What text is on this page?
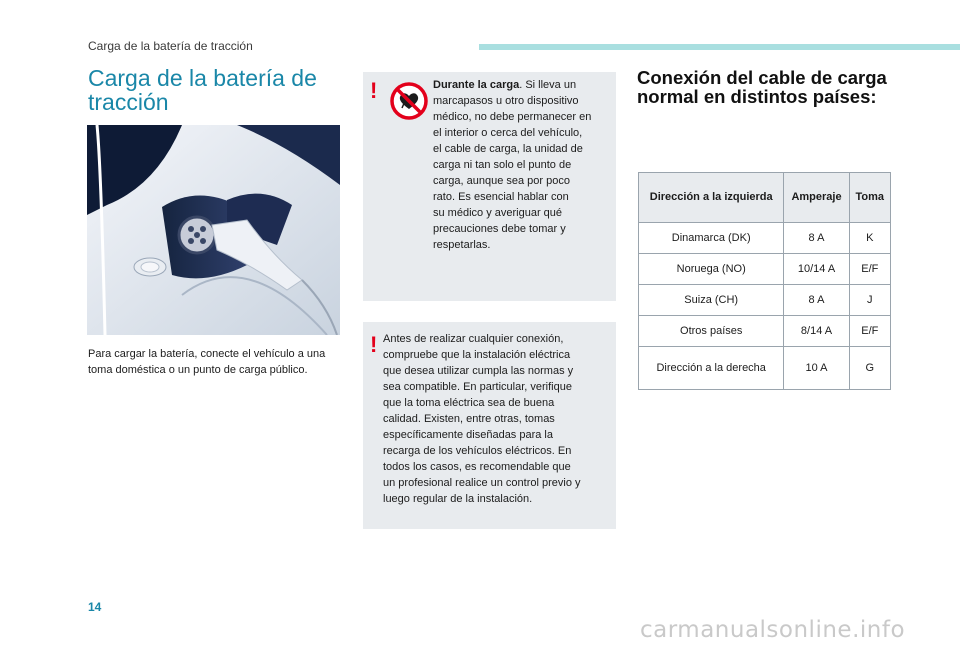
Carga de la batería de tracción
Carga de la batería de tracción

Para cargar la batería, conecte el vehículo a una toma doméstica o un punto de carga público.

!	Durante la carga. Si lleva un
marcapasos u otro dispositivo
médico, no debe permanecer en
el interior o cerca del vehículo,
el cable de carga, la unidad de
carga ni tan solo el punto de
carga, aunque sea por poco
rato. Es esencial hablar con
su médico y averiguar qué
precauciones debe tomar y
respetarlas.
! Antes de realizar cualquier conexión,
compruebe que la instalación eléctrica
que desea utilizar cumpla las normas y
sea compatible. En particular, verifique
que la toma eléctrica sea de buena
calidad. Existen, entre otras, tomas
específicamente diseñadas para la
recarga de los vehículos eléctricos. En
todos los casos, es recomendable que
un profesional realice un control previo y
luego regular de la instalación.
Conexión del cable de carga normal en distintos países:
Dirección a la izquierda	Amperaje	Toma
Dinamarca (DK)	8 A	K
Noruega (NO)	10/14 A	E/F
Suiza (CH)	8 A	J
Otros países	8/14 A	E/F
Dirección a la derecha	10 A	G
14
carmanualsonline.info
